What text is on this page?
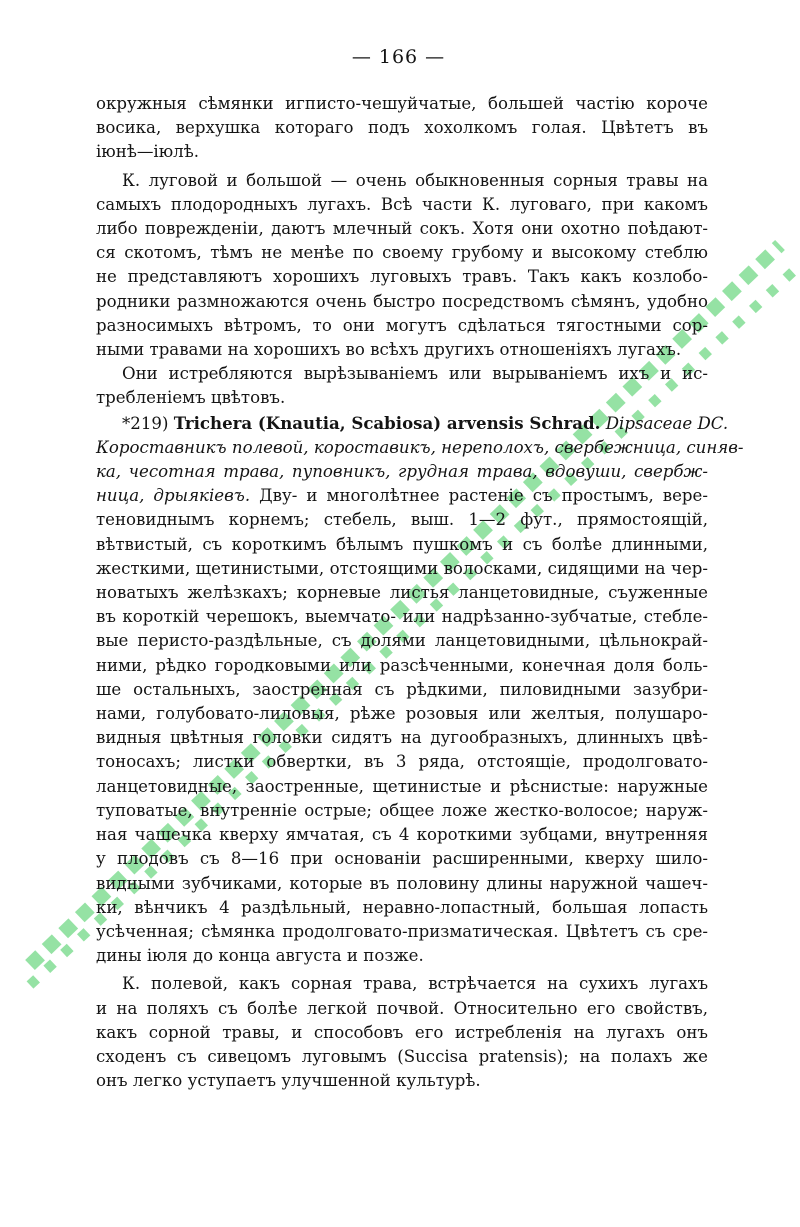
— 166 —

окружныя сѣмянки игписто-чешуйчатые, большей частію короче
восика, верхушка котораго подъ хохолкомъ голая. Цвѣтетъ въ
іюнѣ—іюлѣ.

К. луговой и большой — очень обыкновенныя сорныя травы на
самыхъ плодородныхъ лугахъ. Всѣ части К. луговаго, при какомъ
либо поврежденіи, даютъ млечный сокъ. Хотя они охотно поѣдают-
ся скотомъ, тѣмъ не менѣе по своему грубому и высокому стеблю
не представляютъ хорошихъ луговыхъ травъ. Такъ какъ козлобо-
родники размножаются очень быстро посредствомъ сѣмянъ, удобно
разносимыхъ вѣтромъ, то они могутъ сдѣлаться тягостными сор-
ными травами на хорошихъ во всѣхъ другихъ отношеніяхъ лугахъ.

Они истребляются вырѣзываніемъ или вырываніемъ ихъ и ис-
требленіемъ цвѣтовъ.

*219) Trichera (Knautia, Scabiosa) arvensis Schrad. Dipsaceae DC.
Короставникъ полевой, короставикъ, нереполохъ, свербежница, синяв-
ка, чесотная трава, пуповникъ, грудная трава, вдовуши, свербж-
ница, дрыякіевъ. Дву- и многолѣтнее растеніе съ простымъ, вере-
теновиднымъ корнемъ; стебель, выш. 1—2 фут., прямостоящій,
вѣтвистый, съ короткимъ бѣлымъ пушкомъ и съ болѣе длинными,
жесткими, щетинистыми, отстоящими волосками, сидящими на чер-
новатыхъ желѣзкахъ; корневые листья ланцетовидные, съуженные
въ короткій черешокъ, выемчато- или надрѣзанно-зубчатые, стебле-
вые перисто-раздѣльные, съ долями ланцетовидными, цѣльнокрай-
ними, рѣдко городковыми или разсѣченными, конечная доля боль-
ше остальныхъ, заостренная съ рѣдкими, пиловидными зазубри-
нами, голубовато-лиловыя, рѣже розовыя или желтыя, полушаро-
видныя цвѣтныя головки сидятъ на дугообразныхъ, длинныхъ цвѣ-
тоносахъ; листки обвертки, въ 3 ряда, отстоящіе, продолговато-
ланцетовидные, заостренные, щетинистые и рѣснистые: наружные
туповатые, внутренніе острые; общее ложе жестко-волосое; наруж-
ная чашечка кверху ямчатая, съ 4 короткими зубцами, внутренняя
у плодовъ съ 8—16 при основаніи расширенными, кверху шило-
видными зубчиками, которые въ половину длины наружной чашеч-
ки, вѣнчикъ 4 раздѣльный, неравно-лопастный, большая лопасть
усѣченная; сѣмянка продолговато-призматическая. Цвѣтетъ съ сре-
дины іюля до конца августа и позже.

К. полевой, какъ сорная трава, встрѣчается на сухихъ лугахъ
и на поляхъ съ болѣе легкой почвой. Относительно его свойствъ,
какъ сорной травы, и способовъ его истребленія на лугахъ онъ
сходенъ съ сивецомъ луговымъ (Succisa pratensis); на полахъ же
онъ легко уступаетъ улучшенной культурѣ.
